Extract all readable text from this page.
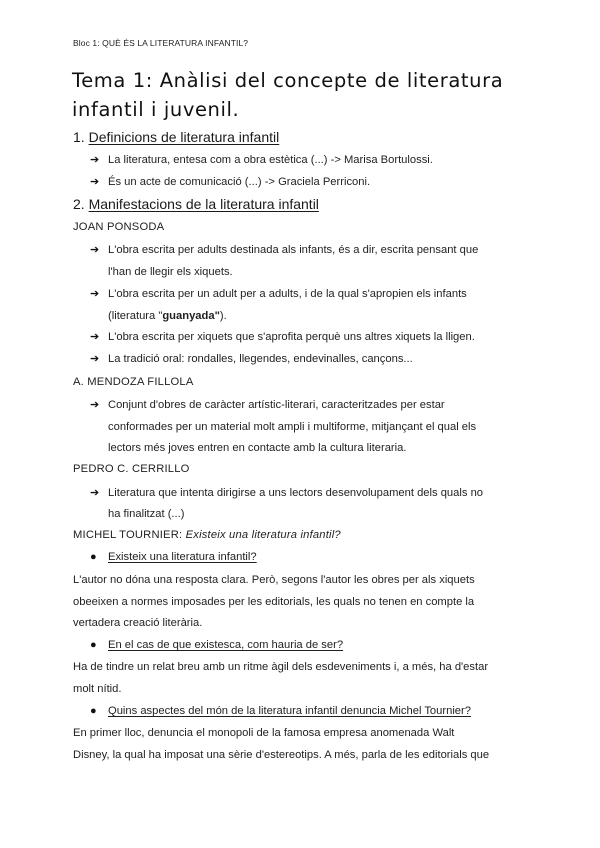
Bloc 1: QUÈ ÉS LA LITERATURA INFANTIL?
Tema 1: Anàlisi del concepte de literatura
infantil i juvenil.
1. Definicions de literatura infantil
➔ La literatura, entesa com a obra estètica (...) -> Marisa Bortulossi.
➔ És un acte de comunicació (...) -> Graciela Perriconi.
2. Manifestacions de la literatura infantil
JOAN PONSODA
➔ L'obra escrita per adults destinada als infants, és a dir, escrita pensant que
l'han de llegir els xiquets.
➔ L'obra escrita per un adult per a adults, i de la qual s'apropien els infants
(literatura "guanyada").
➔ L'obra escrita per xiquets que s'aprofita perquè uns altres xiquets la lligen.
➔ La tradició oral: rondalles, llegendes, endevinalles, cançons...
A. MENDOZA FILLOLA
➔ Conjunt d'obres de caràcter artístic-literari, caracteritzades per estar
conformades per un material molt ampli i multiforme, mitjançant el qual els
lectors més joves entren en contacte amb la cultura literaria.
PEDRO C. CERRILLO
➔ Literatura que intenta dirigirse a uns lectors desenvolupament dels quals no
ha finalitzat (...)
MICHEL TOURNIER: Existeix una literatura infantil?
● Existeix una literatura infantil?
L'autor no dóna una resposta clara. Però, segons l'autor les obres per als xiquets
obeeixen a normes imposades per les editorials, les quals no tenen en compte la
vertadera creació literària.
● En el cas de que existesca, com hauria de ser?
Ha de tindre un relat breu amb un ritme àgil dels esdeveniments i, a més, ha d'estar
molt nítid.
● Quins aspectes del món de la literatura infantil denuncia Michel Tournier?
En primer lloc, denuncia el monopoli de la famosa empresa anomenada Walt
Disney, la qual ha imposat una sèrie d'estereotips. A més, parla de les editorials que
